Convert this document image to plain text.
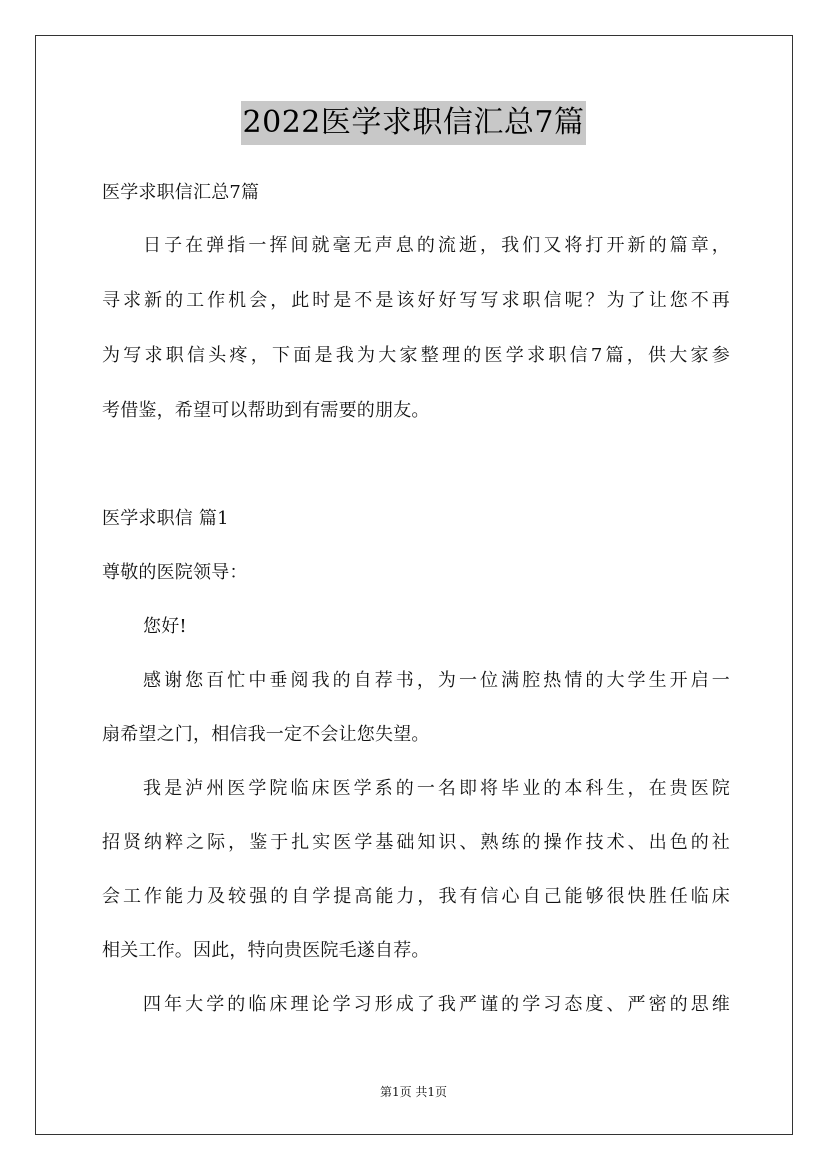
2022医学求职信汇总7篇
医学求职信汇总7篇
日子在弹指一挥间就毫无声息的流逝，我们又将打开新的篇章，
寻求新的工作机会，此时是不是该好好写写求职信呢？为了让您不再
为写求职信头疼，下面是我为大家整理的医学求职信7篇，供大家参
考借鉴，希望可以帮助到有需要的朋友。
医学求职信 篇1
尊敬的医院领导：
您好!
感谢您百忙中垂阅我的自荐书，为一位满腔热情的大学生开启一
扇希望之门，相信我一定不会让您失望。
我是泸州医学院临床医学系的一名即将毕业的本科生，在贵医院
招贤纳粹之际，鉴于扎实医学基础知识、熟练的操作技术、出色的社
会工作能力及较强的自学提高能力，我有信心自己能够很快胜任临床
相关工作。因此，特向贵医院毛遂自荐。
四年大学的临床理论学习形成了我严谨的学习态度、严密的思维
第1页 共1页
